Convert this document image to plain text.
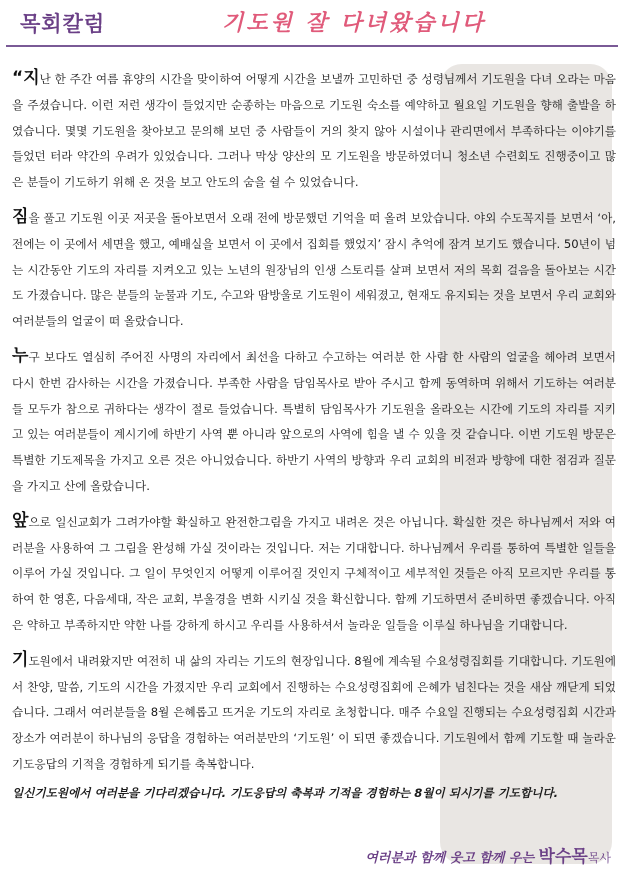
목회칼럼	기도원 잘 다녀왔습니다

“지난 한 주간 여름 휴양의 시간을 맞이하여 어떻게 시간을 보낼까 고민하던 중 성령님께서 기도원을 다녀 오라는 마음을 주셨습니다. 이런 저런 생각이 들었지만 순종하는 마음으로 기도원 숙소를 예약하고 월요일 기도원을 향해 출발을 하였습니다. 몇몇 기도원을 찾아보고 문의해 보던 중 사람들이 거의 찾지 않아 시설이나 관리면에서 부족하다는 이야기를 들었던 터라 약간의 우려가 있었습니다. 그러나 막상 양산의 모 기도원을 방문하였더니 청소년 수련회도 진행중이고 많은 분들이 기도하기 위해 온 것을 보고 안도의 숨을 쉴 수 있었습니다.

짐을 풀고 기도원 이곳 저곳을 돌아보면서 오래 전에 방문했던 기억을 떠 올려 보았습니다. 야외 수도꼭지를 보면서 ‘아, 전에는 이 곳에서 세면을 했고, 예배실을 보면서 이 곳에서 집회를 했었지’ 잠시 추억에 잠겨 보기도 했습니다. 50년이 넘는 시간동안 기도의 자리를 지켜오고 있는 노년의 원장님의 인생 스토리를 살펴 보면서 저의 목회 걸음을 돌아보는 시간도 가졌습니다. 많은 분들의 눈물과 기도, 수고와 땀방울로 기도원이 세워졌고, 현재도 유지되는 것을 보면서 우리 교회와 여러분들의 얼굴이 떠 올랐습니다.

누구 보다도 열심히 주어진 사명의 자리에서 최선을 다하고 수고하는 여러분 한 사람 한 사람의 얼굴을 헤아려 보면서 다시 한번 감사하는 시간을 가졌습니다. 부족한 사람을 담임목사로 받아 주시고 함께 동역하며 위해서 기도하는 여러분들 모두가 참으로 귀하다는 생각이 절로 들었습니다. 특별히 담임목사가 기도원을 올라오는 시간에 기도의 자리를 지키고 있는 여러분들이 계시기에 하반기 사역 뿐 아니라 앞으로의 사역에 힘을 낼 수 있을 것 같습니다. 이번 기도원 방문은 특별한 기도제목을 가지고 오른 것은 아니었습니다. 하반기 사역의 방향과 우리 교회의 비전과 방향에 대한 점검과 질문을 가지고 산에 올랐습니다.

앞으로 일신교회가 그려가야할 확실하고 완전한그림을 가지고 내려온 것은 아닙니다. 확실한 것은 하나님께서 저와 여러분을 사용하여 그 그림을 완성해 가실 것이라는 것입니다. 저는 기대합니다. 하나님께서 우리를 통하여 특별한 일들을 이루어 가실 것입니다. 그 일이 무엇인지 어떻게 이루어질 것인지 구체적이고 세부적인 것들은 아직 모르지만 우리를 통하여 한 영혼, 다음세대, 작은 교회, 부울경을 변화 시키실 것을 확신합니다. 함께 기도하면서 준비하면 좋겠습니다. 아직은 약하고 부족하지만 약한 나를 강하게 하시고 우리를 사용하셔서 놀라운 일들을 이루실 하나님을 기대합니다.

기도원에서 내려왔지만 여전히 내 삶의 자리는 기도의 현장입니다. 8월에 계속될 수요성령집회를 기대합니다. 기도원에서 찬양, 말씀, 기도의 시간을 가졌지만 우리 교회에서 진행하는 수요성령집회에 은혜가 넘친다는 것을 새삼 깨닫게 되었습니다. 그래서 여러분들을 8월 은혜롭고 뜨거운 기도의 자리로 초청합니다. 매주 수요일 진행되는 수요성령집회 시간과 장소가 여러분이 하나님의 응답을 경험하는 여러분만의 ‘기도원’ 이 되면 좋겠습니다. 기도원에서 함께 기도할 때 놀라운 기도응답의 기적을 경험하게 되기를 축복합니다.

일신기도원에서 여러분을 기다리겠습니다. 기도응답의 축복과 기적을 경험하는 8월이 되시기를 기도합니다.

여러분과 함께 웃고 함께 우는 박수목목사
